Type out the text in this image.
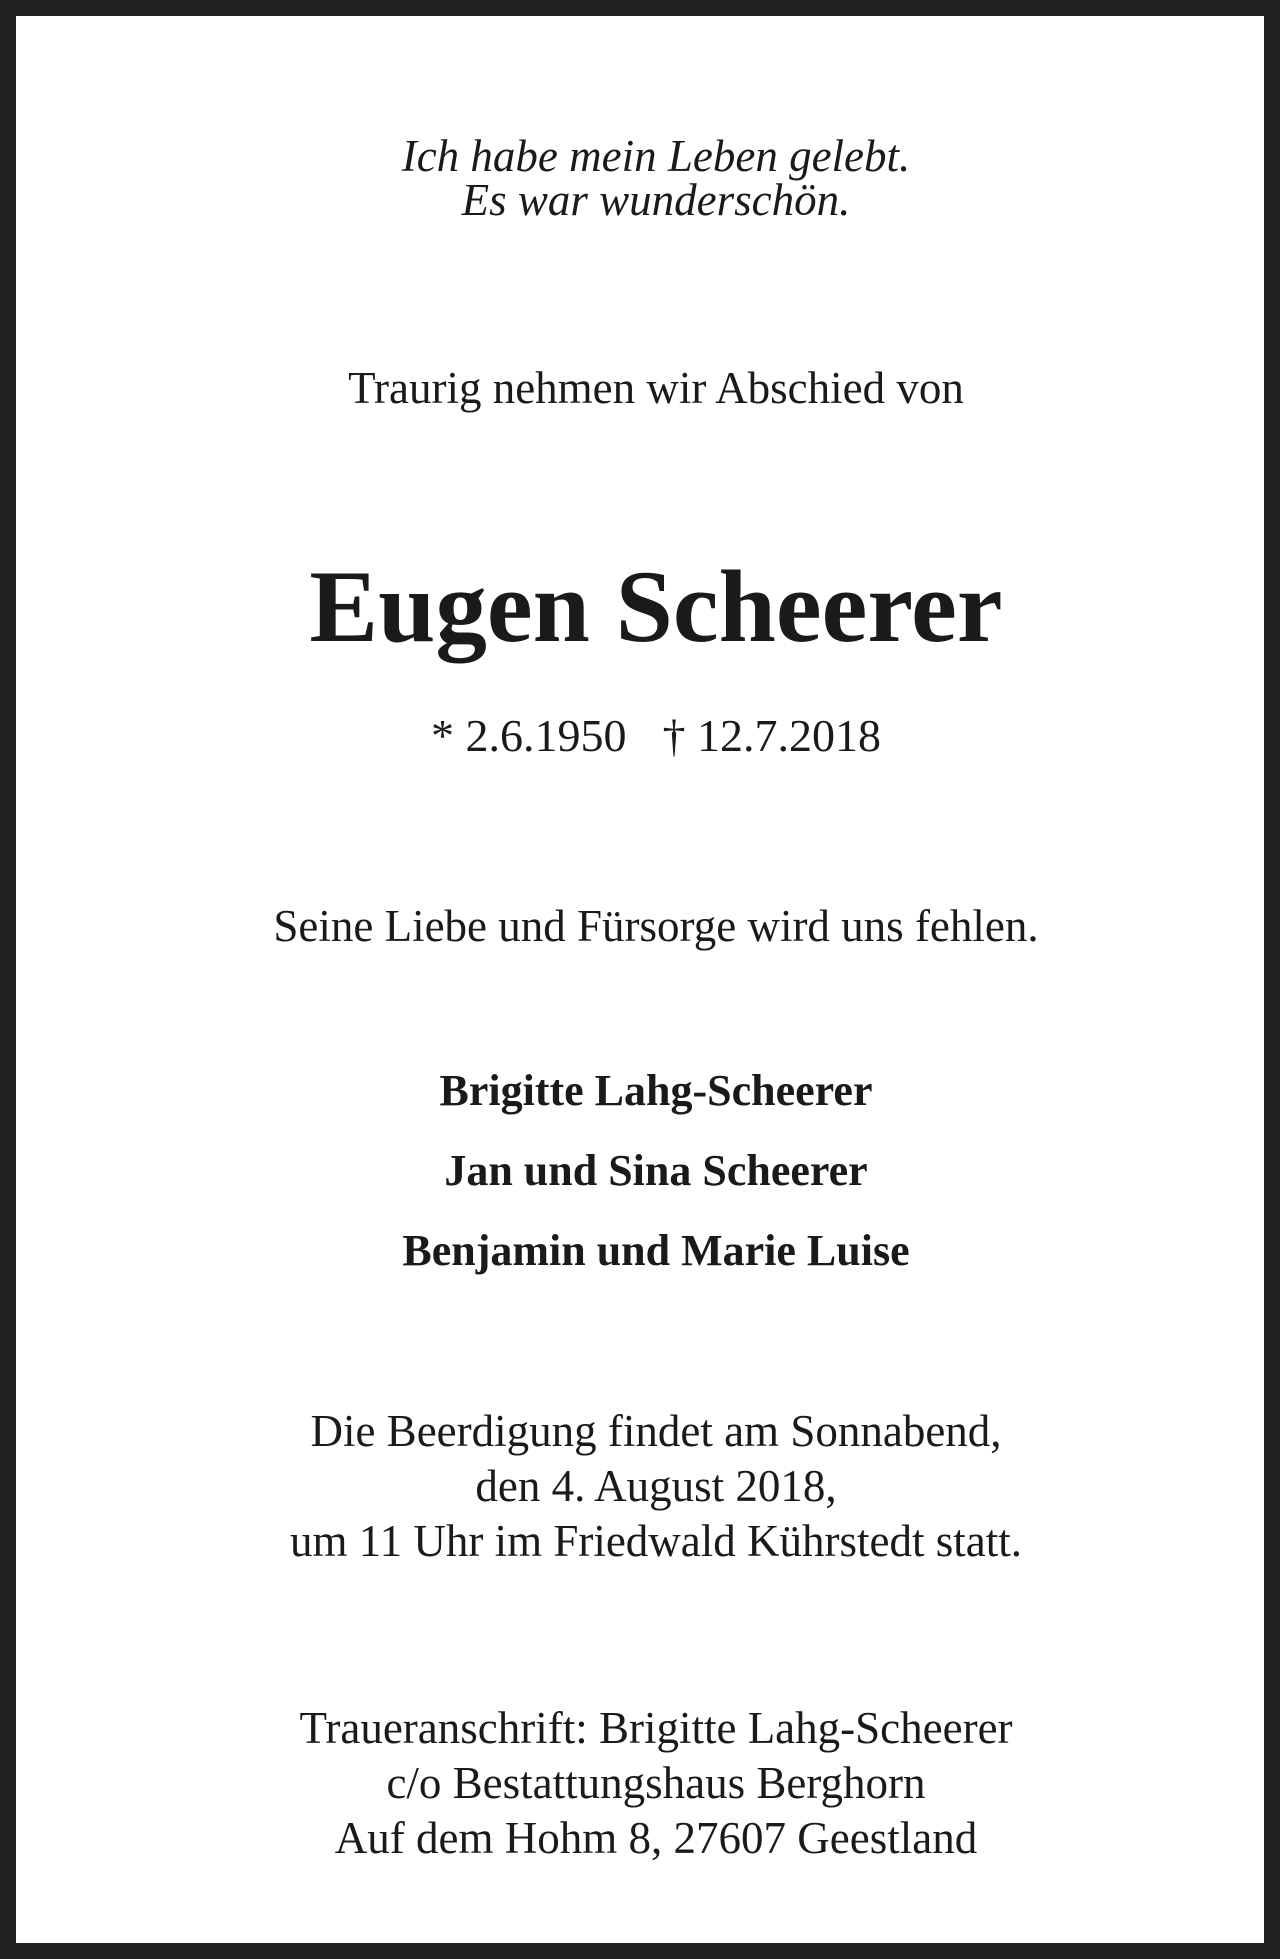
Ich habe mein Leben gelebt.
Es war wunderschön.
Traurig nehmen wir Abschied von
Eugen Scheerer
* 2.6.1950 † 12.7.2018
Seine Liebe und Fürsorge wird uns fehlen.
Brigitte Lahg-Scheerer
Jan und Sina Scheerer
Benjamin und Marie Luise
Die Beerdigung findet am Sonnabend,
den 4. August 2018,
um 11 Uhr im Friedwald Kührstedt statt.
Traueranschrift: Brigitte Lahg-Scheerer
c/o Bestattungshaus Berghorn
Auf dem Hohm 8, 27607 Geestland
